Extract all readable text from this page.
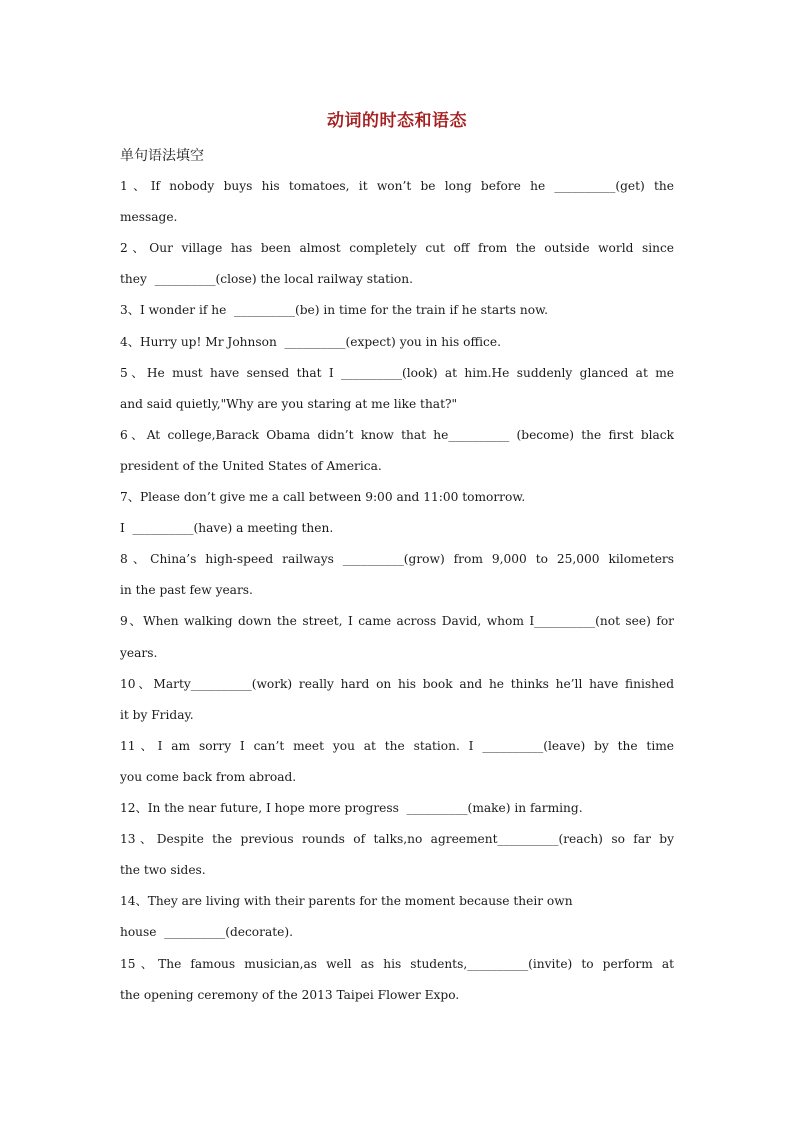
动词的时态和语态
单句语法填空
1、If nobody buys his tomatoes, it won’t be long before he __________(get) the
message.
2、Our village has been almost completely cut off from the outside world since
they  __________(close) the local railway station.
3、I wonder if he  __________(be) in time for the train if he starts now.
4、Hurry up! Mr Johnson  __________(expect) you in his office.
5、He must have sensed that I __________(look) at him.He suddenly glanced at me
and said quietly,"Why are you staring at me like that?"
6、At college,Barack Obama didn’t know that he__________ (become) the first black
president of the United States of America.
7、Please don’t give me a call between 9:00 and 11:00 tomorrow.
I  __________(have) a meeting then.
8、China’s high-speed railways __________(grow) from 9,000 to 25,000 kilometers
in the past few years.
9、When walking down the street, I came across David, whom I__________(not see) for
years.
10、Marty__________(work) really hard on his book and he thinks he’ll have finished
it by Friday.
11、I am sorry I can’t meet you at the station. I __________(leave) by the time
you come back from abroad.
12、In the near future, I hope more progress  __________(make) in farming.
13、Despite the previous rounds of talks,no agreement__________(reach) so far by
the two sides.
14、They are living with their parents for the moment because their own
house  __________(decorate).
15、The famous musician,as well as his students,__________(invite) to perform at
the opening ceremony of the 2013 Taipei Flower Expo.
